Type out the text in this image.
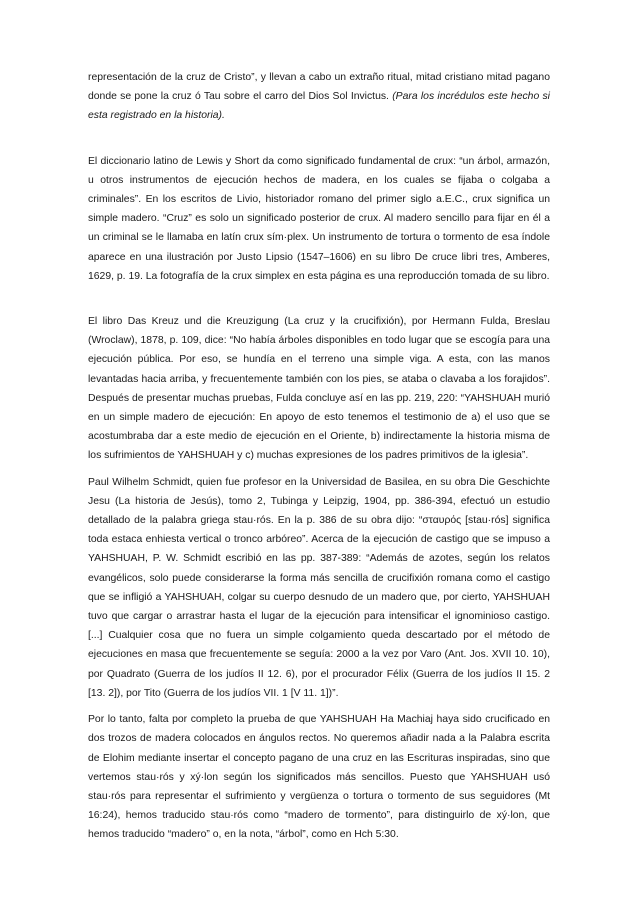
representación de la cruz de Cristo”, y llevan a cabo un extraño ritual, mitad cristiano mitad pagano donde se pone la cruz ó Tau sobre el carro del Dios Sol Invictus. (Para los incrédulos este hecho si esta registrado en la historia).

El diccionario latino de Lewis y Short da como significado fundamental de crux: “un árbol, armazón, u otros instrumentos de ejecución hechos de madera, en los cuales se fijaba o colgaba a criminales”. En los escritos de Livio, historiador romano del primer siglo a.E.C., crux significa un simple madero. “Cruz” es solo un significado posterior de crux. Al madero sencillo para fijar en él a un criminal se le llamaba en latín crux sím·plex. Un instrumento de tortura o tormento de esa índole aparece en una ilustración por Justo Lipsio (1547–1606) en su libro De cruce libri tres, Amberes, 1629, p. 19. La fotografía de la crux simplex en esta página es una reproducción tomada de su libro.

El libro Das Kreuz und die Kreuzigung (La cruz y la crucifixión), por Hermann Fulda, Breslau (Wroclaw), 1878, p. 109, dice: “No había árboles disponibles en todo lugar que se escogía para una ejecución pública. Por eso, se hundía en el terreno una simple viga. A esta, con las manos levantadas hacia arriba, y frecuentemente también con los pies, se ataba o clavaba a los forajidos”. Después de presentar muchas pruebas, Fulda concluye así en las pp. 219, 220: “YAHSHUAH murió en un simple madero de ejecución: En apoyo de esto tenemos el testimonio de a) el uso que se acostumbraba dar a este medio de ejecución en el Oriente, b) indirectamente la historia misma de los sufrimientos de YAHSHUAH y c) muchas expresiones de los padres primitivos de la iglesia”.

Paul Wilhelm Schmidt, quien fue profesor en la Universidad de Basilea, en su obra Die Geschichte Jesu (La historia de Jesús), tomo 2, Tubinga y Leipzig, 1904, pp. 386-394, efectuó un estudio detallado de la palabra griega stau·rós. En la p. 386 de su obra dijo: “σταυρός [stau·rós] significa toda estaca enhiesta vertical o tronco arbóreo”. Acerca de la ejecución de castigo que se impuso a YAHSHUAH, P. W. Schmidt escribió en las pp. 387-389: “Además de azotes, según los relatos evangélicos, solo puede considerarse la forma más sencilla de crucifixión romana como el castigo que se infligió a YAHSHUAH, colgar su cuerpo desnudo de un madero que, por cierto, YAHSHUAH tuvo que cargar o arrastrar hasta el lugar de la ejecución para intensificar el ignominioso castigo. [...] Cualquier cosa que no fuera un simple colgamiento queda descartado por el método de ejecuciones en masa que frecuentemente se seguía: 2000 a la vez por Varo (Ant. Jos. XVII 10. 10), por Quadrato (Guerra de los judíos II 12. 6), por el procurador Félix (Guerra de los judíos II 15. 2 [13. 2]), por Tito (Guerra de los judíos VII. 1 [V 11. 1])”.

Por lo tanto, falta por completo la prueba de que YAHSHUAH Ha Machiaj haya sido crucificado en dos trozos de madera colocados en ángulos rectos. No queremos añadir nada a la Palabra escrita de Elohim mediante insertar el concepto pagano de una cruz en las Escrituras inspiradas, sino que vertemos stau·rós y xý·lon según los significados más sencillos. Puesto que YAHSHUAH usó stau·rós para representar el sufrimiento y vergüenza o tortura o tormento de sus seguidores (Mt 16:24), hemos traducido stau·rós como “madero de tormento”, para distinguirlo de xý·lon, que hemos traducido “madero” o, en la nota, “árbol”, como en Hch 5:30.
